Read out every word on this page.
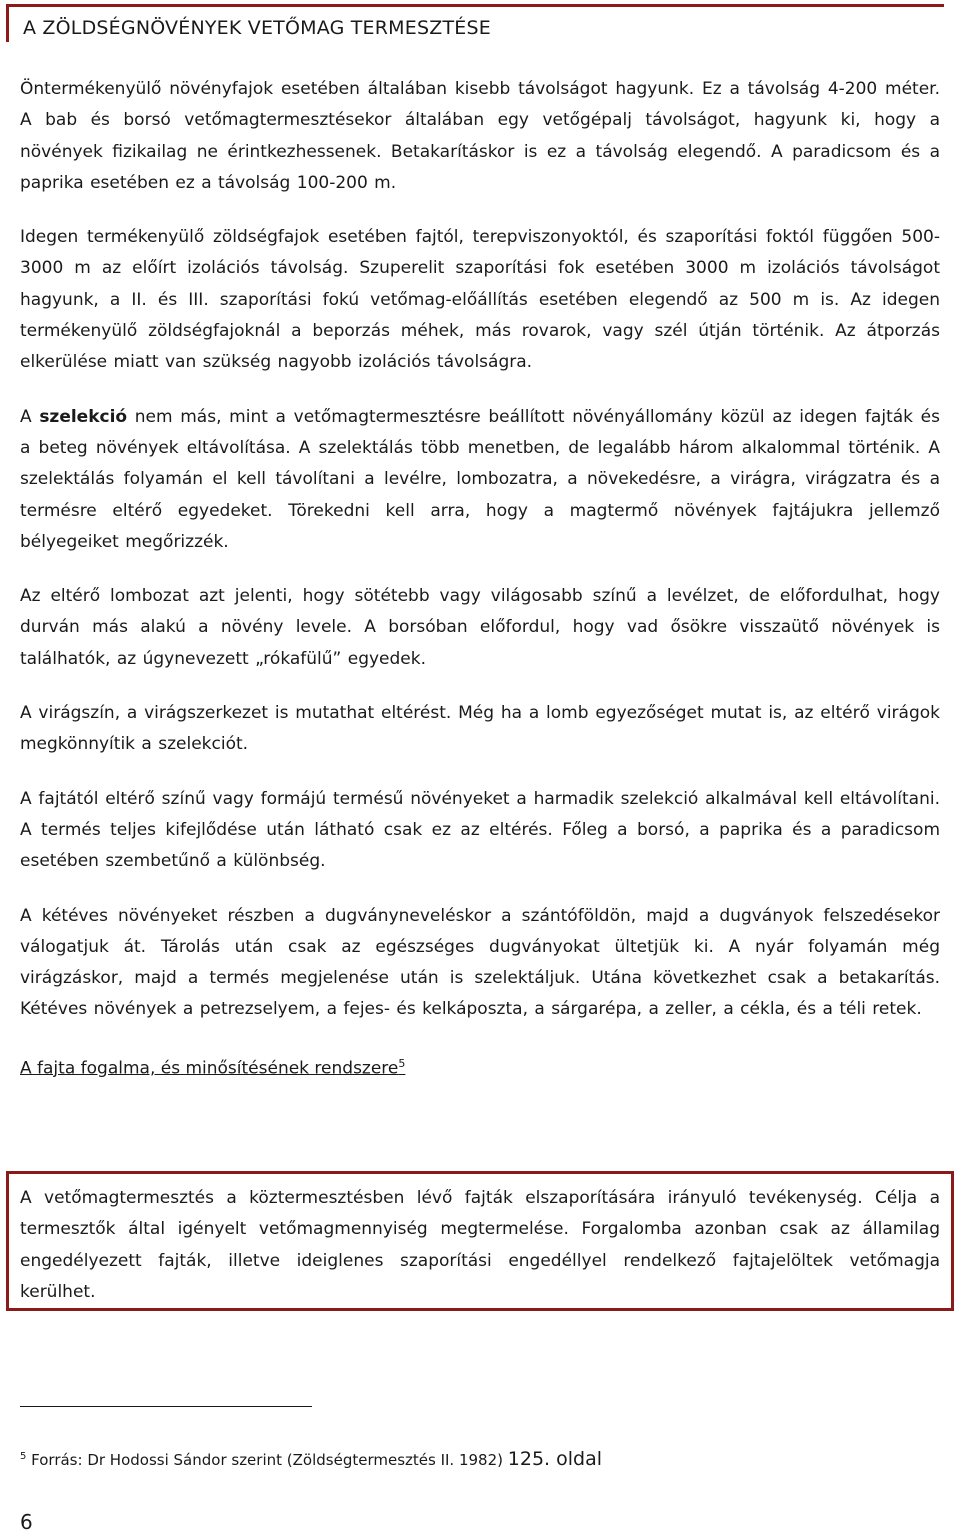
A ZÖLDSÉGNÖVÉNYEK VETŐMAG TERMESZTÉSE

Öntermékenyülő növényfajok esetében általában kisebb távolságot hagyunk. Ez a távolság 4-200 méter. A bab és borsó vetőmagtermesztésekor általában egy vetőgépalj távolságot, hagyunk ki, hogy a növények fizikailag ne érintkezhessenek. Betakarításkor is ez a távolság elegendő. A paradicsom és a paprika esetében ez a távolság 100-200 m.

Idegen termékenyülő zöldségfajok esetében fajtól, terepviszonyoktól, és szaporítási foktól függően 500-3000 m az előírt izolációs távolság. Szuperelit szaporítási fok esetében 3000 m izolációs távolságot hagyunk, a II. és III. szaporítási fokú vetőmag-előállítás esetében elegendő az 500 m is. Az idegen termékenyülő zöldségfajoknál a beporzás méhek, más rovarok, vagy szél útján történik. Az átporzás elkerülése miatt van szükség nagyobb izolációs távolságra.

A szelekció nem más, mint a vetőmagtermesztésre beállított növényállomány közül az idegen fajták és a beteg növények eltávolítása. A szelektálás több menetben, de legalább három alkalommal történik. A szelektálás folyamán el kell távolítani a levélre, lombozatra, a növekedésre, a virágra, virágzatra és a termésre eltérő egyedeket. Törekedni kell arra, hogy a magtermő növények fajtájukra jellemző bélyegeiket megőrizzék.

Az eltérő lombozat azt jelenti, hogy sötétebb vagy világosabb színű a levélzet, de előfordulhat, hogy durván más alakú a növény levele. A borsóban előfordul, hogy vad ősökre visszaütő növények is találhatók, az úgynevezett „rókafülű” egyedek.

A virágszín, a virágszerkezet is mutathat eltérést. Még ha a lomb egyezőséget mutat is, az eltérő virágok megkönnyítik a szelekciót.

A fajtától eltérő színű vagy formájú termésű növényeket a harmadik szelekció alkalmával kell eltávolítani. A termés teljes kifejlődése után látható csak ez az eltérés. Főleg a borsó, a paprika és a paradicsom esetében szembetűnő a különbség.

A kétéves növényeket részben a dugványneveléskor a szántóföldön, majd a dugványok felszedésekor válogatjuk át. Tárolás után csak az egészséges dugványokat ültetjük ki. A nyár folyamán még virágzáskor, majd a termés megjelenése után is szelektáljuk. Utána következhet csak a betakarítás. Kétéves növények a petrezselyem, a fejes- és kelkáposzta, a sárgarépa, a zeller, a cékla, és a téli retek.

A fajta fogalma, és minősítésének rendszere$^5$

A vetőmagtermesztés a köztermesztésben lévő fajták elszaporítására irányuló tevékenység. Célja a termesztők által igényelt vetőmagmennyiség megtermelése. Forgalomba azonban csak az államilag engedélyezett fajták, illetve ideiglenes szaporítási engedéllyel rendelkező fajtajelöltek vetőmagja kerülhet.

$^5$ Forrás: Dr Hodossi Sándor szerint (Zöldségtermesztés II. 1982) 125. oldal
6
